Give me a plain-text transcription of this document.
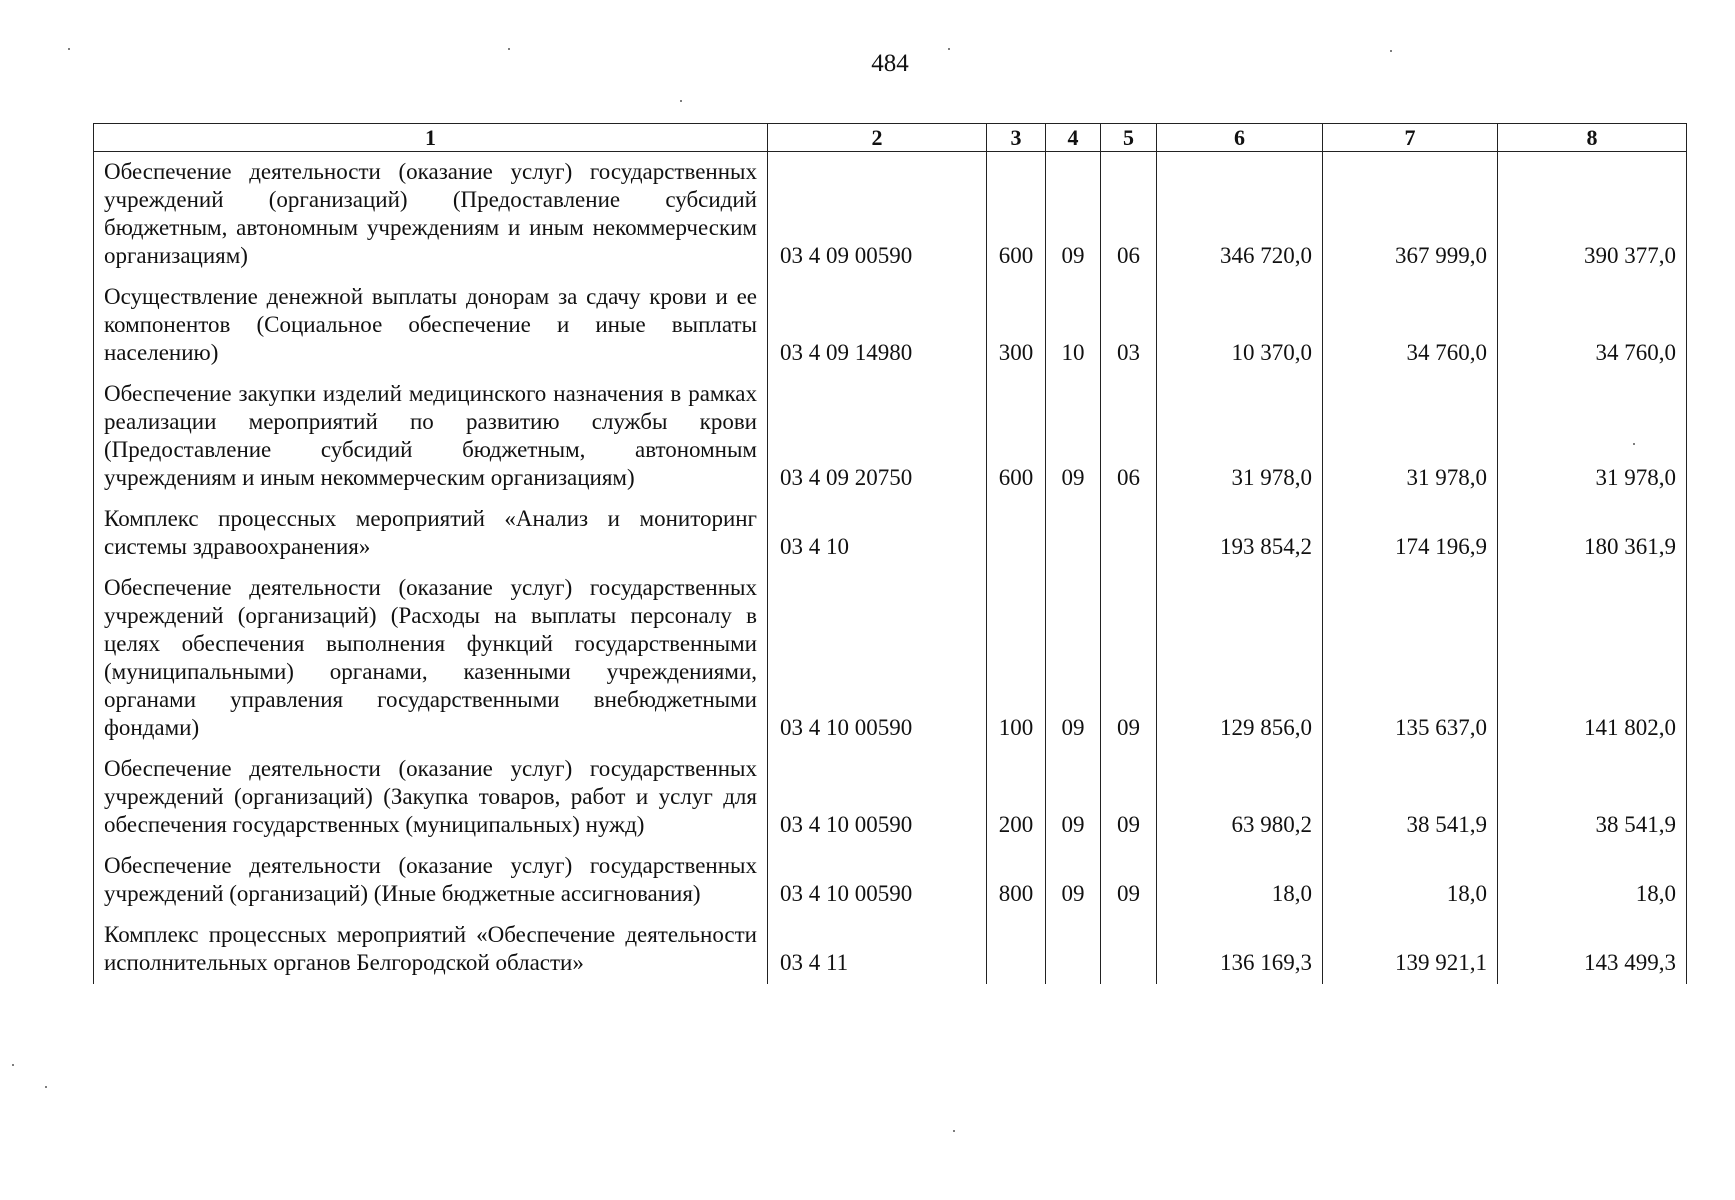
484
1	2	3	4	5	6	7	8
Обеспечение деятельности (оказание услуг) государственных учреждений (организаций) (Предоставление субсидий бюджетным, автономным учреждениям и иным некоммерческим организациям)	03 4 09 00590	600	09	06	346 720,0	367 999,0	390 377,0
Осуществление денежной выплаты донорам за сдачу крови и ее компонентов (Социальное обеспечение и иные выплаты населению)	03 4 09 14980	300	10	03	10 370,0	34 760,0	34 760,0
Обеспечение закупки изделий медицинского назначения в рамках реализации мероприятий по развитию службы крови (Предоставление субсидий бюджетным, автономным учреждениям и иным некоммерческим организациям)	03 4 09 20750	600	09	06	31 978,0	31 978,0	31 978,0
Комплекс процессных мероприятий «Анализ и мониторинг системы здравоохранения»	03 4 10				193 854,2	174 196,9	180 361,9
Обеспечение деятельности (оказание услуг) государственных учреждений (организаций) (Расходы на выплаты персоналу в целях обеспечения выполнения функций государственными (муниципальными) органами, казенными учреждениями, органами управления государственными внебюджетными фондами)	03 4 10 00590	100	09	09	129 856,0	135 637,0	141 802,0
Обеспечение деятельности (оказание услуг) государственных учреждений (организаций) (Закупка товаров, работ и услуг для обеспечения государственных (муниципальных) нужд)	03 4 10 00590	200	09	09	63 980,2	38 541,9	38 541,9
Обеспечение деятельности (оказание услуг) государственных учреждений (организаций) (Иные бюджетные ассигнования)	03 4 10 00590	800	09	09	18,0	18,0	18,0
Комплекс процессных мероприятий «Обеспечение деятельности исполнительных органов Белгородской области»	03 4 11				136 169,3	139 921,1	143 499,3
